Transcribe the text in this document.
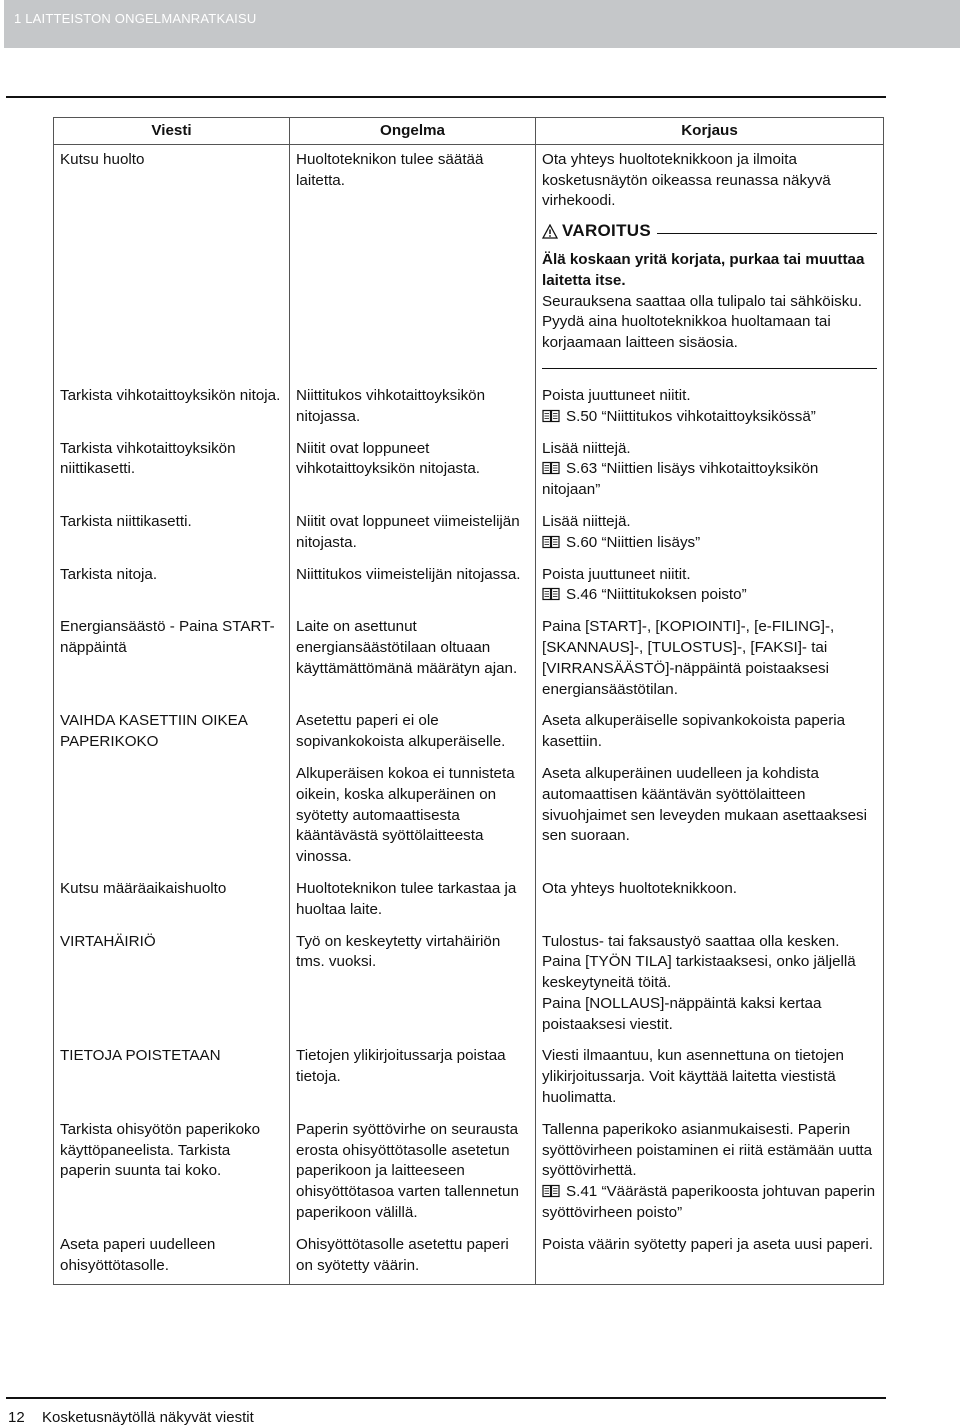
1 LAITTEISTON ONGELMANRATKAISU
Viesti	Ongelma	Korjaus
Kutsu huolto	Huoltoteknikon tulee säätää laitetta.	Ota yhteys huoltoteknikkoon ja ilmoita kosketusnäytön oikeassa reunassa näkyvä virhekoodi.
VAROITUS
Älä koskaan yritä korjata, purkaa tai muuttaa laitetta itse.
Seurauksena saattaa olla tulipalo tai sähköisku.
Pyydä aina huoltoteknikkoa huoltamaan tai korjaamaan laitteen sisäosia.

Tarkista vihkotaittoyksikön nitoja.	Niittitukos vihkotaittoyksikön nitojassa.	Poista juuttuneet niitit.
S.50 “Niittitukos vihkotaittoyksikössä”

Tarkista vihkotaittoyksikön niittikasetti.	Niitit ovat loppuneet vihkotaittoyksikön nitojasta.	Lisää niittejä.
S.63 “Niittien lisäys vihkotaittoyksikön nitojaan”

Tarkista niittikasetti.	Niitit ovat loppuneet viimeistelijän nitojasta.	Lisää niittejä.
S.60 “Niittien lisäys”

Tarkista nitoja.	Niittitukos viimeistelijän nitojassa.	Poista juuttuneet niitit.
S.46 “Niittitukoksen poisto”

Energiansäästö - Paina START-näppäintä	Laite on asettunut energiansäästötilaan oltuaan käyttämättömänä määrätyn ajan.	Paina [START]-, [KOPIOINTI]-, [e-FILING]-, [SKANNAUS]-, [TULOSTUS]-, [FAKSI]- tai [VIRRANSÄÄSTÖ]-näppäintä poistaaksesi energiansäästötilan.
VAIHDA KASETTIIN OIKEA PAPERIKOKO	Asetettu paperi ei ole sopivankokoista alkuperäiselle.	Aseta alkuperäiselle sopivankokoista paperia kasettiin.
	Alkuperäisen kokoa ei tunnisteta oikein, koska alkuperäinen on syötetty automaattisesta kääntävästä syöttölaitteesta vinossa.	Aseta alkuperäinen uudelleen ja kohdista automaattisen kääntävän syöttölaitteen sivuohjaimet sen leveyden mukaan asettaaksesi sen suoraan.
Kutsu määräaikaishuolto	Huoltoteknikon tulee tarkastaa ja huoltaa laite.	Ota yhteys huoltoteknikkoon.
VIRTAHÄIRIÖ	Työ on keskeytetty virtahäiriön tms. vuoksi.	Tulostus- tai faksaustyö saattaa olla kesken. Paina [TYÖN TILA] tarkistaaksesi, onko jäljellä keskeytyneitä töitä.
Paina [NOLLAUS]-näppäintä kaksi kertaa poistaaksesi viestit.

TIETOJA POISTETAAN	Tietojen ylikirjoitussarja poistaa tietoja.	Viesti ilmaantuu, kun asennettuna on tietojen ylikirjoitussarja. Voit käyttää laitetta viestistä huolimatta.
Tarkista ohisyötön paperikoko käyttöpaneelista. Tarkista paperin suunta tai koko.	Paperin syöttövirhe on seurausta erosta ohisyöttötasolle asetetun paperikoon ja laitteeseen ohisyöttötasoa varten tallennetun paperikoon välillä.	Tallenna paperikoko asianmukaisesti. Paperin syöttövirheen poistaminen ei riitä estämään uutta syöttövirhettä.
S.41 “Väärästä paperikoosta johtuvan paperin syöttövirheen poisto”

Aseta paperi uudelleen ohisyöttötasolle.	Ohisyöttötasolle asetettu paperi on syötetty väärin.	Poista väärin syötetty paperi ja aseta uusi paperi.
12 Kosketusnäytöllä näkyvät viestit
